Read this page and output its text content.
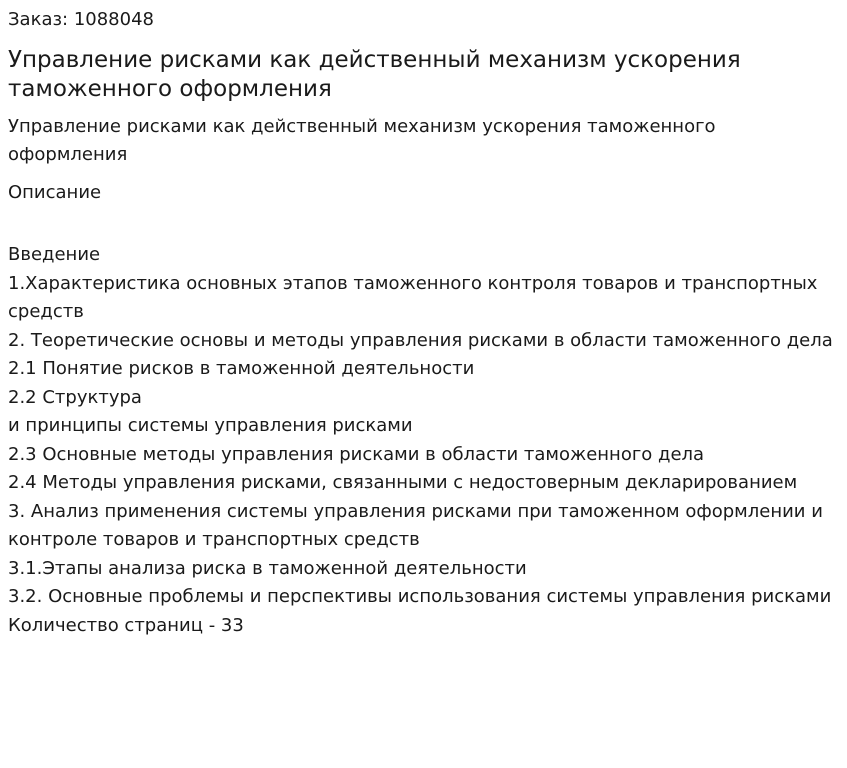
Заказ: 1088048
Управление рисками как действенный механизм ускорения таможенного оформления
Управление рисками как действенный механизм ускорения таможенного оформления
Описание
Введение
1.Характеристика основных этапов таможенного контроля товаров и транспортных средств
2. Теоретические основы и методы управления рисками в области таможенного дела
2.1 Понятие рисков в таможенной деятельности
2.2 Структура
и принципы системы управления рисками
2.3 Основные методы управления рисками в области таможенного дела
2.4 Методы управления рисками, связанными с недостоверным декларированием
3. Анализ применения системы управления рисками при таможенном оформлении и контроле товаров и транспортных средств
3.1.Этапы анализа риска в таможенной деятельности
3.2. Основные проблемы и перспективы использования системы управления рисками
Количество страниц - 33
